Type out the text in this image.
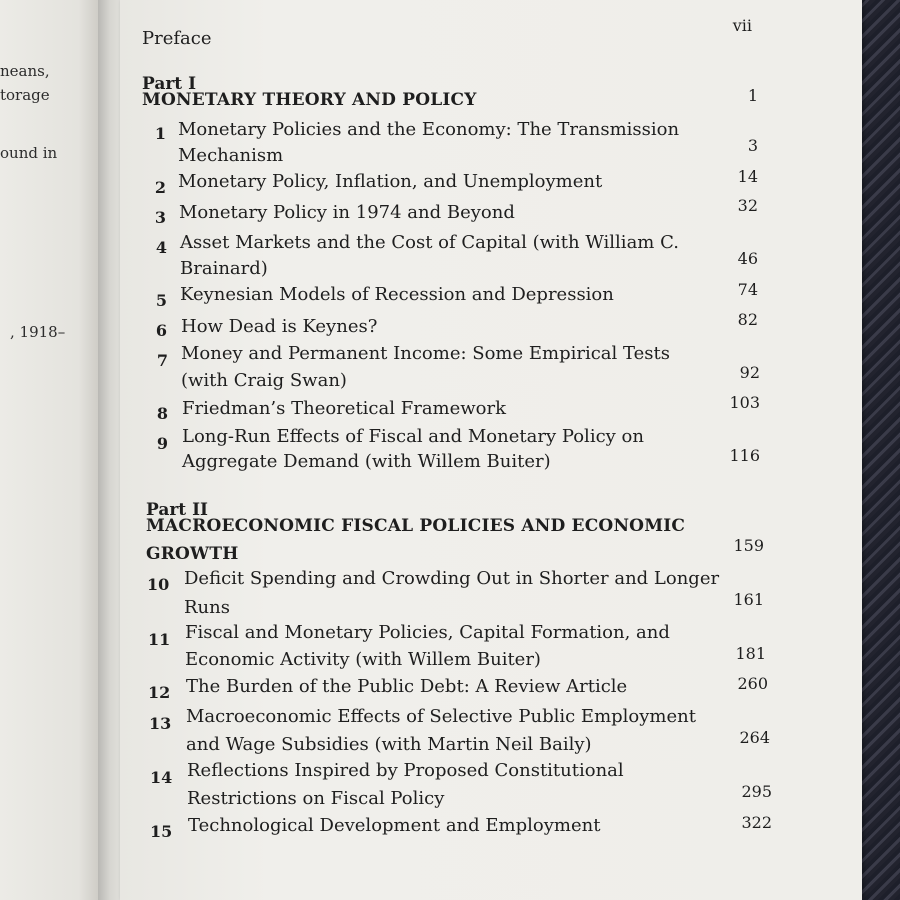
neans,
torage
ound in
, 1918–
Preface
vii
Part I
MONETARY THEORY AND POLICY	1
1 Monetary Policies and the Economy: The Transmission
Mechanism	3
2 Monetary Policy, Inflation, and Unemployment	14
3 Monetary Policy in 1974 and Beyond	32
4 Asset Markets and the Cost of Capital (with William C.
Brainard)	46
5 Keynesian Models of Recession and Depression	74
6 How Dead is Keynes?	82
7 Money and Permanent Income: Some Empirical Tests
(with Craig Swan)	92
8 Friedman’s Theoretical Framework	103
9 Long-Run Effects of Fiscal and Monetary Policy on
Aggregate Demand (with Willem Buiter)	116
Part II
MACROECONOMIC FISCAL POLICIES AND ECONOMIC
GROWTH	159
10 Deficit Spending and Crowding Out in Shorter and Longer
Runs	161
11 Fiscal and Monetary Policies, Capital Formation, and
Economic Activity (with Willem Buiter)	181
12 The Burden of the Public Debt: A Review Article	260
13 Macroeconomic Effects of Selective Public Employment
and Wage Subsidies (with Martin Neil Baily)	264
14 Reflections Inspired by Proposed Constitutional
Restrictions on Fiscal Policy	295
15 Technological Development and Employment	322
